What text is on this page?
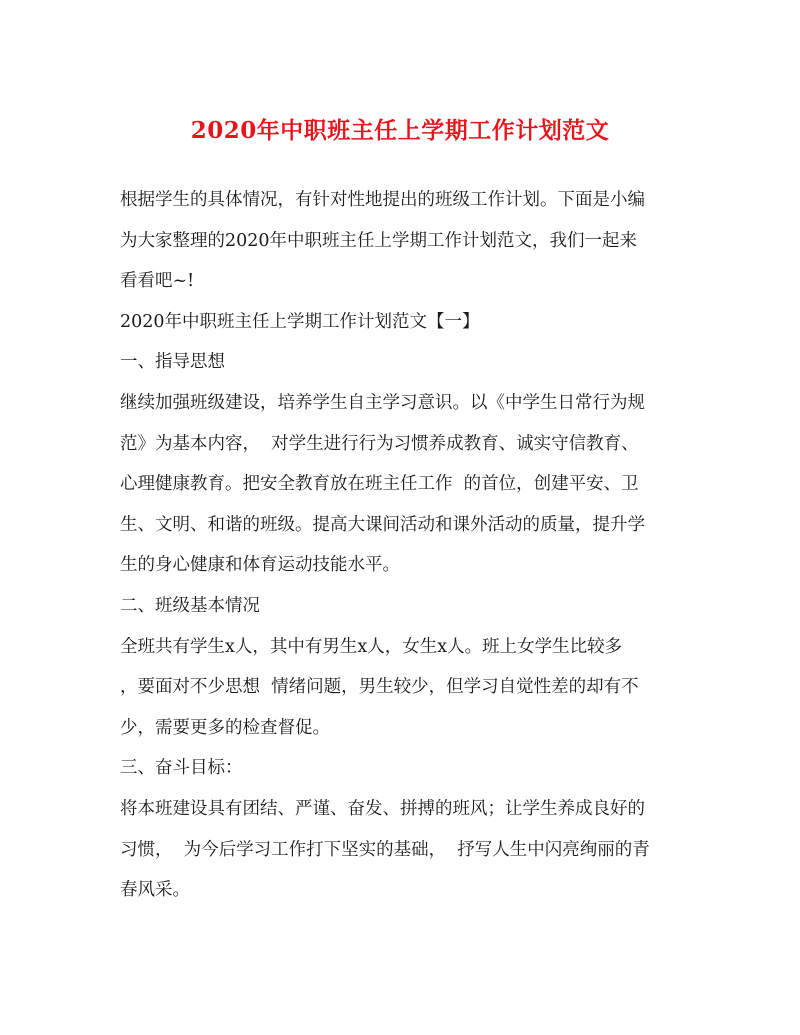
2020年中职班主任上学期工作计划范文
根据学生的具体情况，有针对性地提出的班级工作计划。下面是小编
为大家整理的2020年中职班主任上学期工作计划范文，我们一起来
看看吧~!
2020年中职班主任上学期工作计划范文【一】
一、指导思想
继续加强班级建设，培养学生自主学习意识。以《中学生日常行为规
范》为基本内容，  对学生进行行为习惯养成教育、诚实守信教育、
心理健康教育。把安全教育放在班主任工作  的首位，创建平安、卫
生、文明、和谐的班级。提高大课间活动和课外活动的质量，提升学
生的身心健康和体育运动技能水平。
二、班级基本情况
全班共有学生x人，其中有男生x人，女生x人。班上女学生比较多
，要面对不少思想  情绪问题，男生较少，但学习自觉性差的却有不
少，需要更多的检查督促。
三、奋斗目标：
将本班建设具有团结、严谨、奋发、拼搏的班风；让学生养成良好的
习惯，  为今后学习工作打下坚实的基础，  抒写人生中闪亮绚丽的青
春风采。
